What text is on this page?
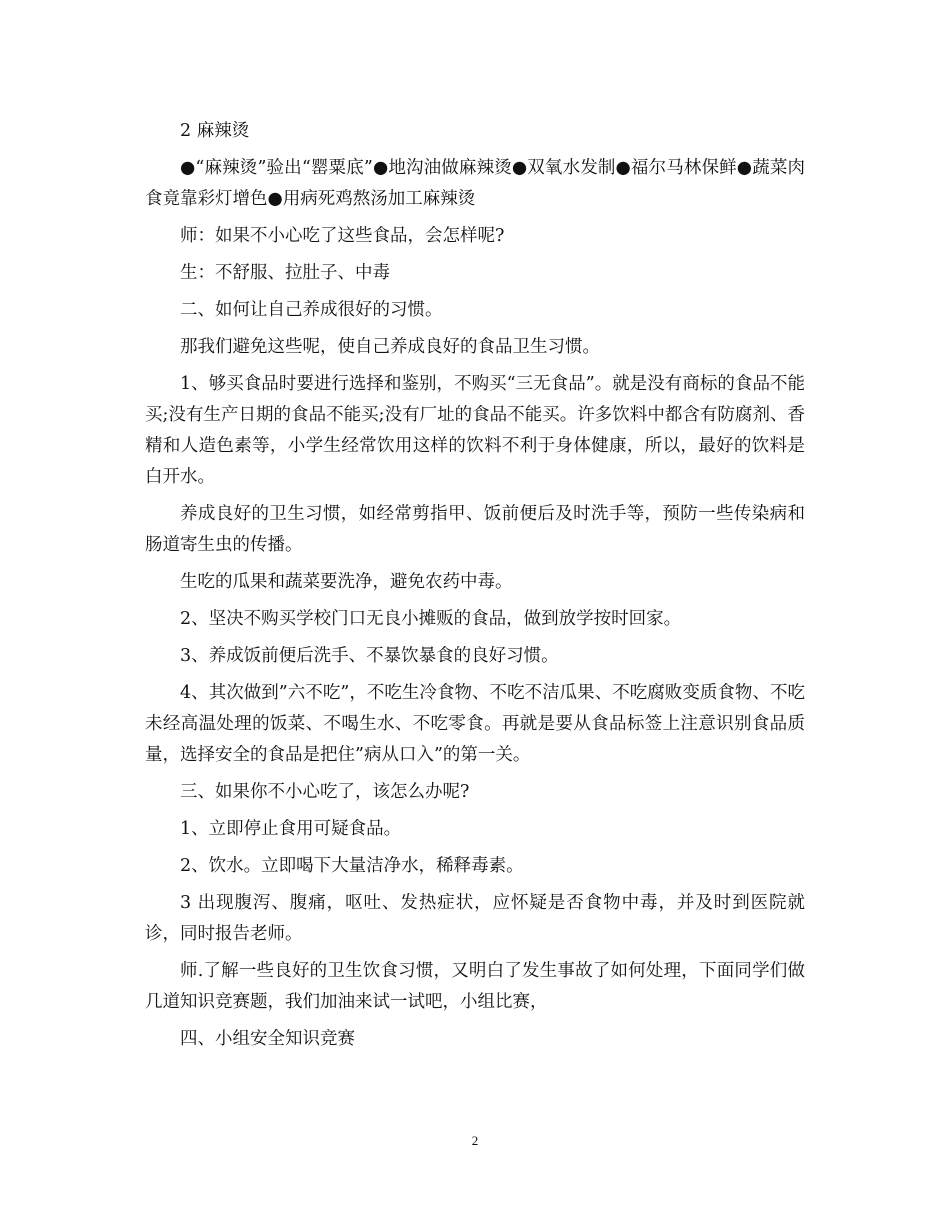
2 麻辣烫

●“麻辣烫”验出“罂粟底”●地沟油做麻辣烫●双氧水发制●福尔马林保鲜●蔬菜肉食竟靠彩灯增色●用病死鸡熬汤加工麻辣烫

师：如果不小心吃了这些食品，会怎样呢?

生：不舒服、拉肚子、中毒

二、如何让自己养成很好的习惯。

那我们避免这些呢，使自己养成良好的食品卫生习惯。

1、够买食品时要进行选择和鉴别，不购买“三无食品”。就是没有商标的食品不能买;没有生产日期的食品不能买;没有厂址的食品不能买。许多饮料中都含有防腐剂、香精和人造色素等，小学生经常饮用这样的饮料不利于身体健康，所以，最好的饮料是白开水。

养成良好的卫生习惯，如经常剪指甲、饭前便后及时洗手等，预防一些传染病和肠道寄生虫的传播。

生吃的瓜果和蔬菜要洗净，避免农药中毒。

2、坚决不购买学校门口无良小摊贩的食品，做到放学按时回家。

3、养成饭前便后洗手、不暴饮暴食的良好习惯。

4、其次做到”六不吃”，不吃生冷食物、不吃不洁瓜果、不吃腐败变质食物、不吃未经高温处理的饭菜、不喝生水、不吃零食。再就是要从食品标签上注意识别食品质量，选择安全的食品是把住”病从口入”的第一关。

三、如果你不小心吃了，该怎么办呢?

1、立即停止食用可疑食品。

2、饮水。立即喝下大量洁净水，稀释毒素。

3 出现腹泻、腹痛，呕吐、发热症状，应怀疑是否食物中毒，并及时到医院就诊，同时报告老师。

师.了解一些良好的卫生饮食习惯，又明白了发生事故了如何处理，下面同学们做几道知识竞赛题，我们加油来试一试吧，小组比赛，

四、小组安全知识竞赛

2
